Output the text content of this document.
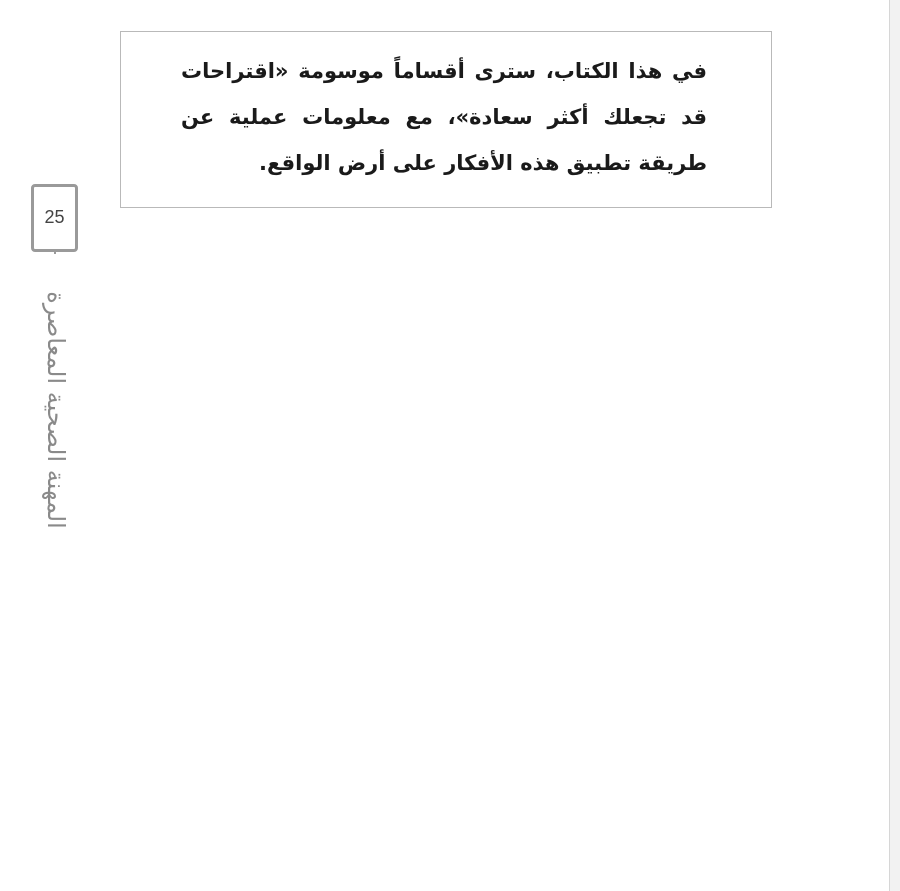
في هذا الكتاب، سترى أقساماً موسومة «اقتراحات قد تجعلك أكثر سعادة»، مع معلومات عملية عن طريقة تطبيق هذه الأفكار على أرض الواقع.

25
المهنة الصحية المعاصرة
